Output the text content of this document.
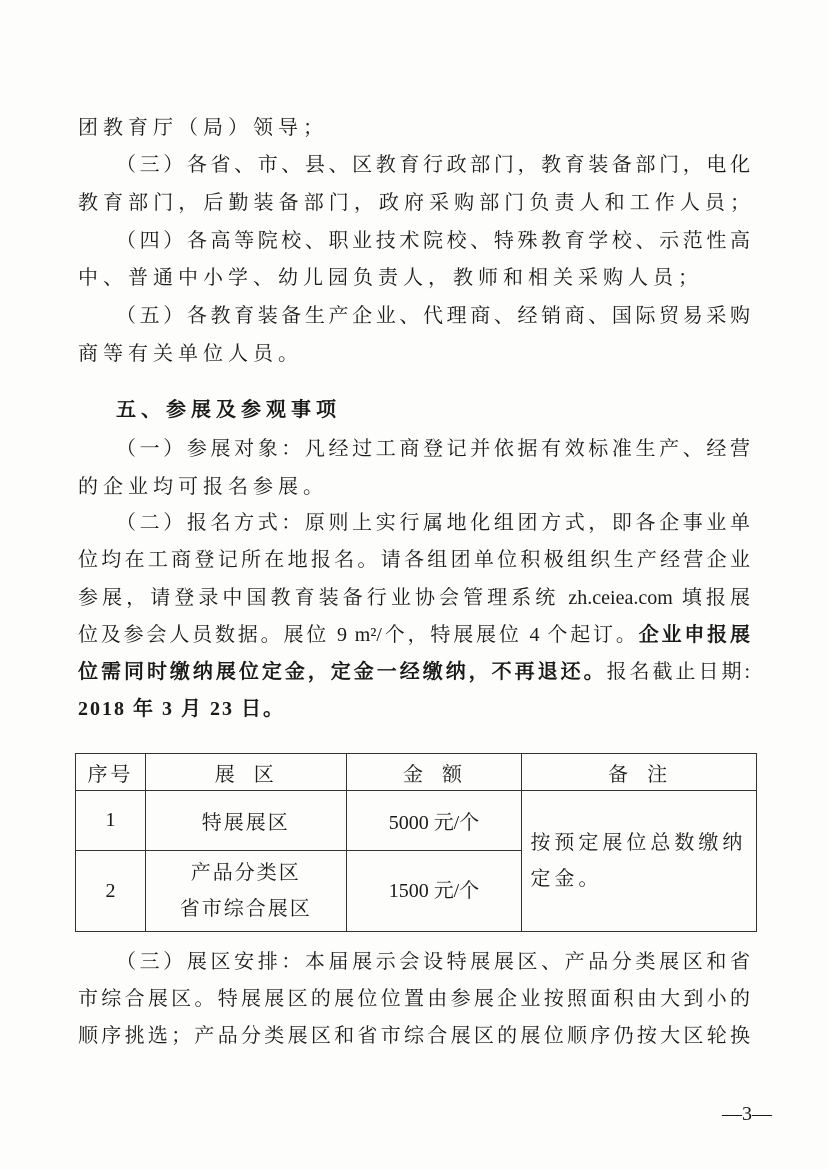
团教育厅（局）领导；
（三）各省、市、县、区教育行政部门，教育装备部门，电化
教育部门，后勤装备部门，政府采购部门负责人和工作人员；
（四）各高等院校、职业技术院校、特殊教育学校、示范性高
中、普通中小学、幼儿园负责人，教师和相关采购人员；
（五）各教育装备生产企业、代理商、经销商、国际贸易采购
商等有关单位人员。
五、参展及参观事项
（一）参展对象：凡经过工商登记并依据有效标准生产、经营
的企业均可报名参展。
（二）报名方式：原则上实行属地化组团方式，即各企事业单
位均在工商登记所在地报名。请各组团单位积极组织生产经营企业
参展，请登录中国教育装备行业协会管理系统 zh.ceiea.com 填报展
位及参会人员数据。展位 9 m²/个，特展展位 4 个起订。企业申报展
位需同时缴纳展位定金，定金一经缴纳，不再退还。报名截止日期:
2018 年 3 月 23 日。
序号	展  区	金  额	备  注
1	特展展区	5000 元/个	按预定展位总数缴纳定金。
2	产品分类区
省市综合展区	1500 元/个	
（三）展区安排：本届展示会设特展展区、产品分类展区和省
市综合展区。特展展区的展位位置由参展企业按照面积由大到小的
顺序挑选；产品分类展区和省市综合展区的展位顺序仍按大区轮换
—3—
